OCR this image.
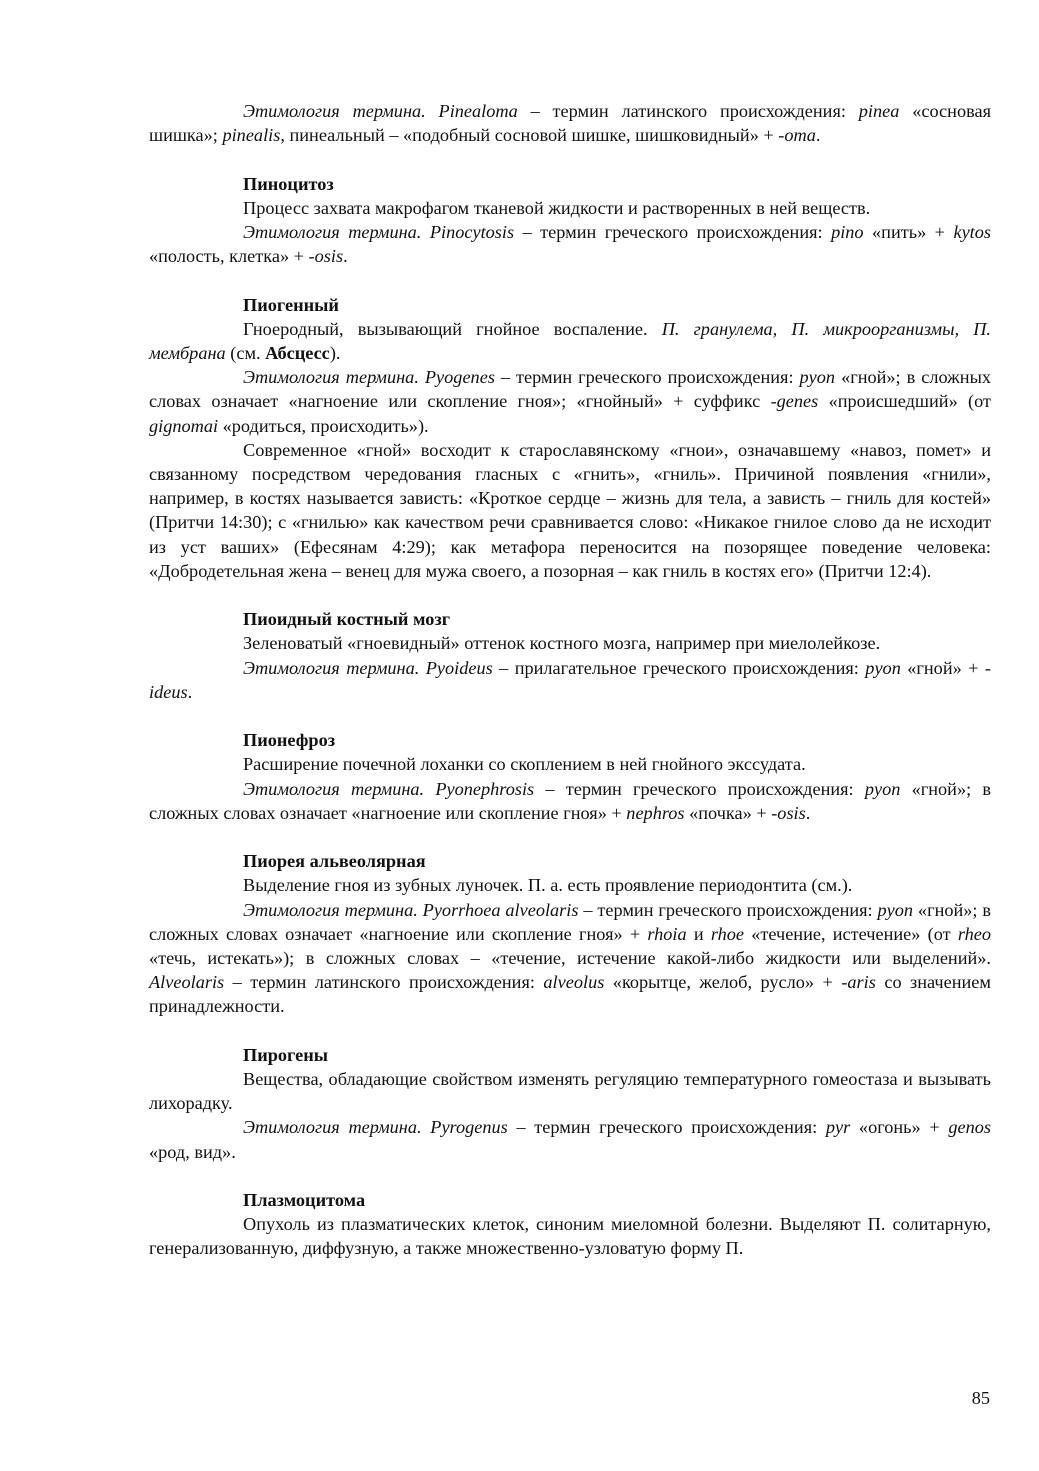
Этимология термина. Pinealoma – термин латинского происхождения: pinea «сосновая шишка»; pinealis, пинеальный – «подобный сосновой шишке, шишковидный» + -oma.

Пиноцитоз

Процесс захвата макрофагом тканевой жидкости и растворенных в ней веществ.

Этимология термина. Pinocytosis – термин греческого происхождения: pino «пить» + kytos «полость, клетка» + -osis.

Пиогенный

Гноеродный, вызывающий гнойное воспаление. П. гранулема, П. микроорганизмы, П. мембрана (см. Абсцесс).

Этимология термина. Pyogenes – термин греческого происхождения: pyon «гной»; в сложных словах означает «нагноение или скопление гноя»; «гнойный» + суффикс -genes «происшедший» (от gignomai «родиться, происходить»).

Современное «гной» восходит к старославянскому «гнои», означавшему «навоз, помет» и связанному посредством чередования гласных с «гнить», «гниль». Причиной появления «гнили», например, в костях называется зависть: «Кроткое сердце – жизнь для тела, а зависть – гниль для костей» (Притчи 14:30); с «гнилью» как качеством речи сравнивается слово: «Никакое гнилое слово да не исходит из уст ваших» (Ефесянам 4:29); как метафора переносится на позорящее поведение человека: «Добродетельная жена – венец для мужа своего, а позорная – как гниль в костях его» (Притчи 12:4).

Пиоидный костный мозг

Зеленоватый «гноевидный» оттенок костного мозга, например при миелолейкозе.

Этимология термина. Pyoideus – прилагательное греческого происхождения: pyon «гной» + -ideus.

Пионефроз

Расширение почечной лоханки со скоплением в ней гнойного экссудата.

Этимология термина. Pyonephrosis – термин греческого происхождения: pyon «гной»; в сложных словах означает «нагноение или скопление гноя» + nephros «почка» + -osis.

Пиорея альвеолярная

Выделение гноя из зубных луночек. П. а. есть проявление периодонтита (см.).

Этимология термина. Pyorrhoea alveolaris – термин греческого происхождения: pyon «гной»; в сложных словах означает «нагноение или скопление гноя» + rhoia и rhoe «течение, истечение» (от rheo «течь, истекать»); в сложных словах – «течение, истечение какой-либо жидкости или выделений». Alveolaris – термин латинского происхождения: alveolus «корытце, желоб, русло» + -aris со значением принадлежности.

Пирогены

Вещества, обладающие свойством изменять регуляцию температурного гомеостаза и вызывать лихорадку.

Этимология термина. Pyrogenus – термин греческого происхождения: pyr «огонь» + genos «род, вид».

Плазмоцитома

Опухоль из плазматических клеток, синоним миеломной болезни. Выделяют П. солитарную, генерализованную, диффузную, а также множественно-узловатую форму П.

85
